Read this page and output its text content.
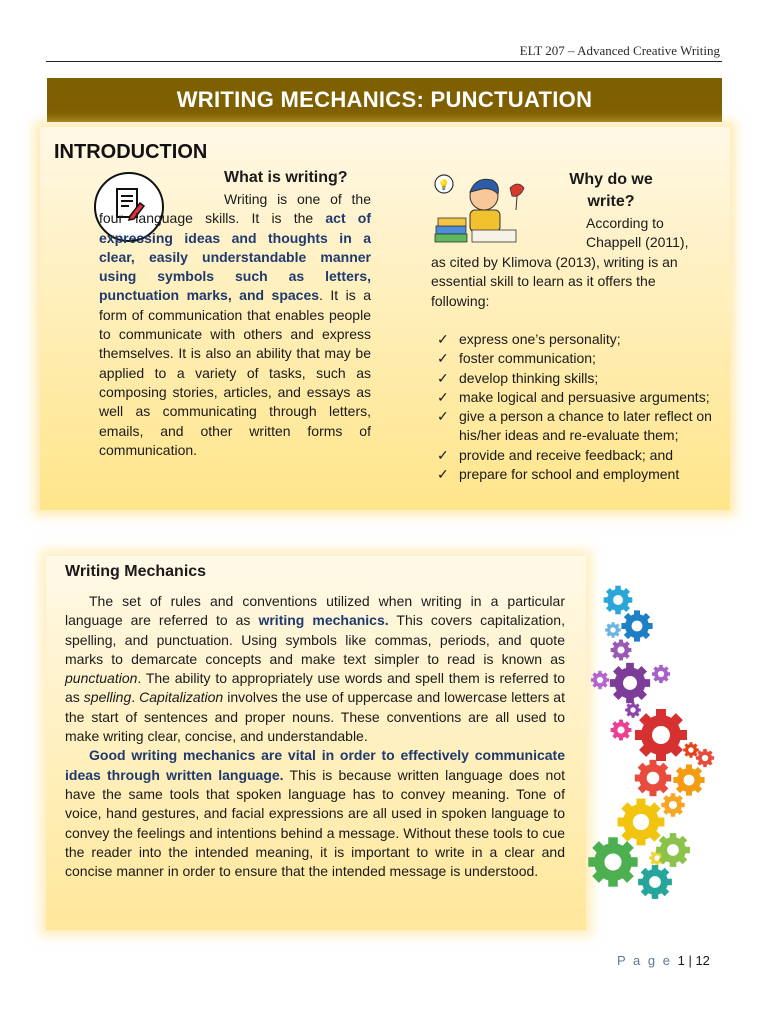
ELT 207 – Advanced Creative Writing
WRITING MECHANICS: PUNCTUATION
INTRODUCTION
What is writing?
Writing is one of the four language skills. It is the act of expressing ideas and thoughts in a clear, easily understandable manner using symbols such as letters, punctuation marks, and spaces. It is a form of communication that enables people to communicate with others and express themselves. It is also an ability that may be applied to a variety of tasks, such as composing stories, articles, and essays as well as communicating through letters, emails, and other written forms of communication.
💡	Why do we write?
According to Chappell (2011),
as cited by Klimova (2013), writing is an essential skill to learn as it offers the following:
✓ express one’s personality;
✓ foster communication;
✓ develop thinking skills;
✓ make logical and persuasive arguments;
✓ give a person a chance to later reflect on his/her ideas and re-evaluate them;
✓ provide and receive feedback; and
✓ prepare for school and employment
Writing Mechanics

The set of rules and conventions utilized when writing in a particular language are referred to as writing mechanics. This covers capitalization, spelling, and punctuation. Using symbols like commas, periods, and quote marks to demarcate concepts and make text simpler to read is known as punctuation. The ability to appropriately use words and spell them is referred to as spelling. Capitalization involves the use of uppercase and lowercase letters at the start of sentences and proper nouns. These conventions are all used to make writing clear, concise, and understandable.

Good writing mechanics are vital in order to effectively communicate ideas through written language. This is because written language does not have the same tools that spoken language has to convey meaning. Tone of voice, hand gestures, and facial expressions are all used in spoken language to convey the feelings and intentions behind a message. Without these tools to cue the reader into the intended meaning, it is important to write in a clear and concise manner in order to ensure that the intended message is understood.

P a g e 1 | 12
